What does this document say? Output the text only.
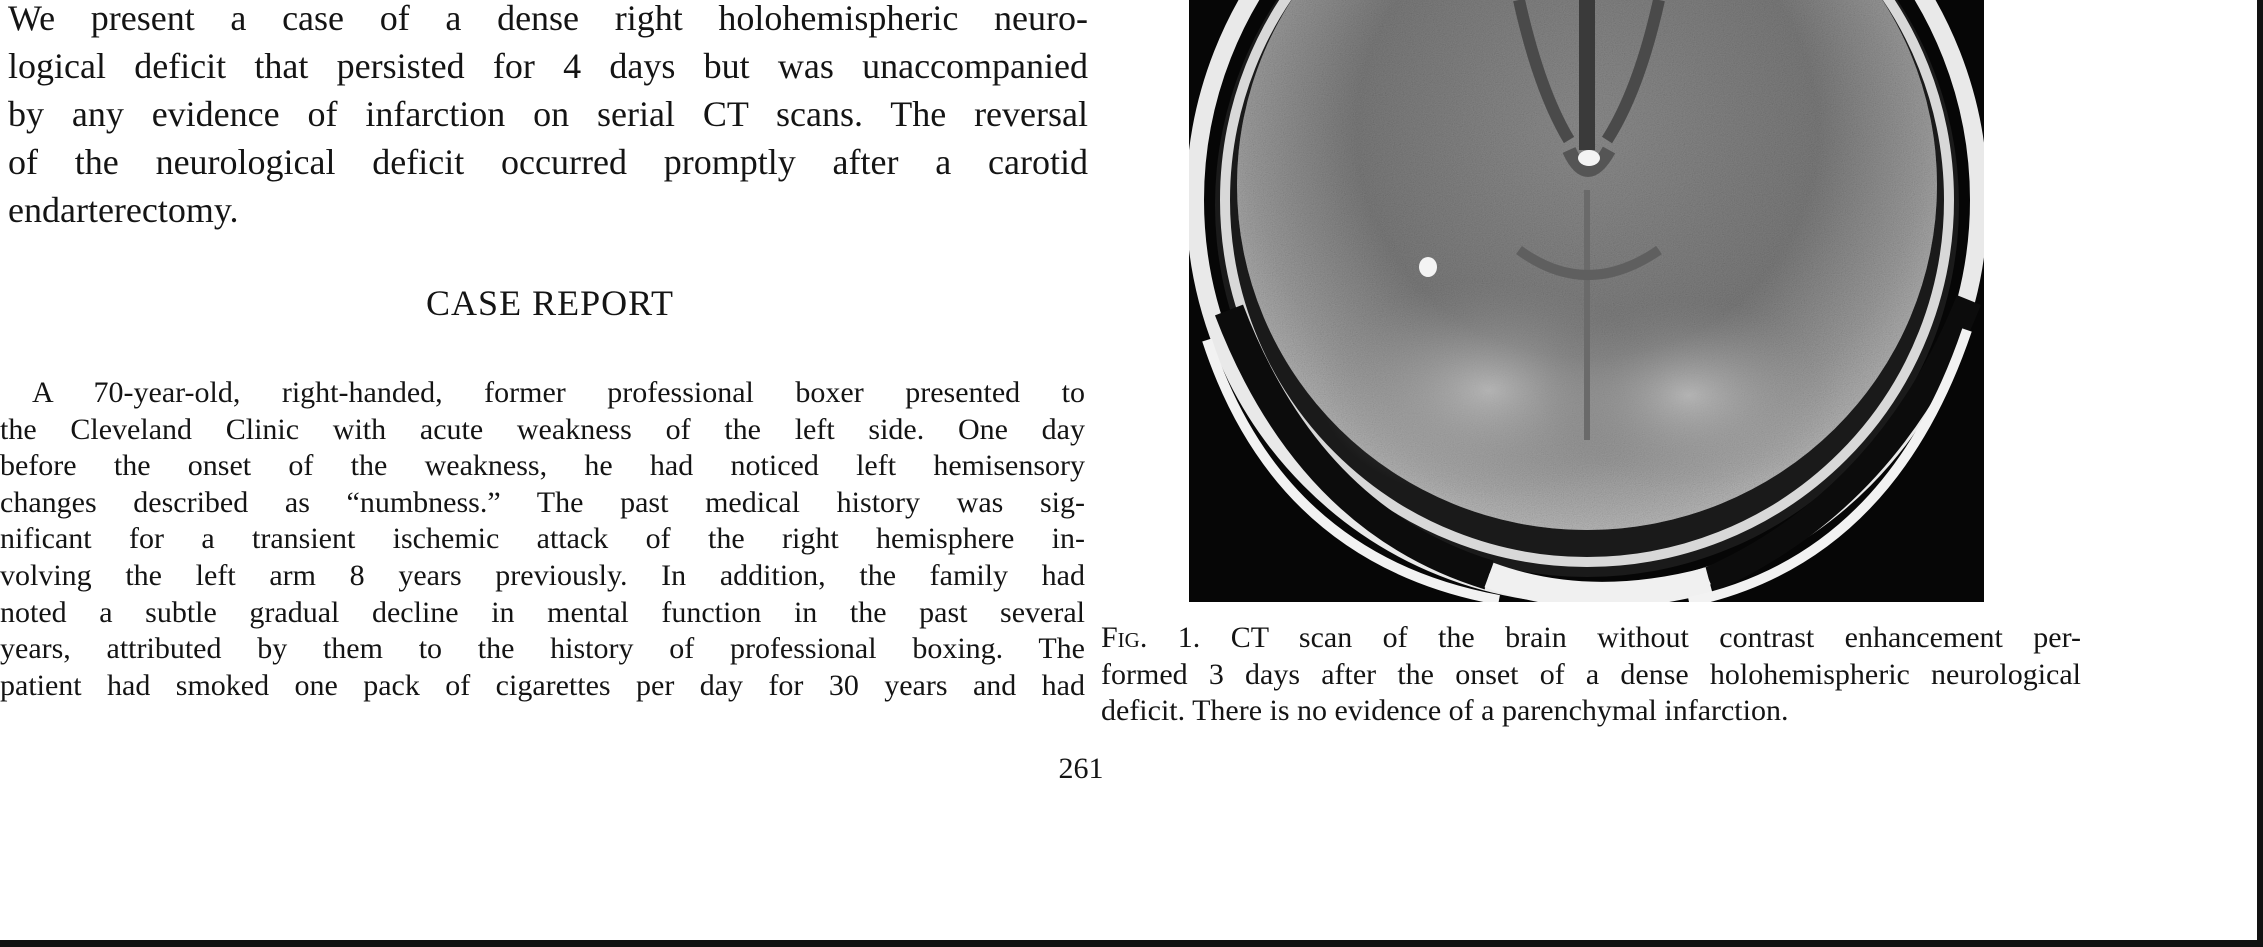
We present a case of a dense right holohemispheric neuro-
logical deficit that persisted for 4 days but was unaccompanied
by any evidence of infarction on serial CT scans. The reversal
of the neurological deficit occurred promptly after a carotid
endarterectomy.
CASE REPORT
A 70-year-old, right-handed, former professional boxer presented to
the Cleveland Clinic with acute weakness of the left side. One day
before the onset of the weakness, he had noticed left hemisensory
changes described as “numbness.” The past medical history was sig-
nificant for a transient ischemic attack of the right hemisphere in-
volving the left arm 8 years previously. In addition, the family had
noted a subtle gradual decline in mental function in the past several
years, attributed by them to the history of professional boxing. The
patient had smoked one pack of cigarettes per day for 30 years and had

Fig. 1. CT scan of the brain without contrast enhancement per-
formed 3 days after the onset of a dense holohemispheric neurological
deficit. There is no evidence of a parenchymal infarction.

261
